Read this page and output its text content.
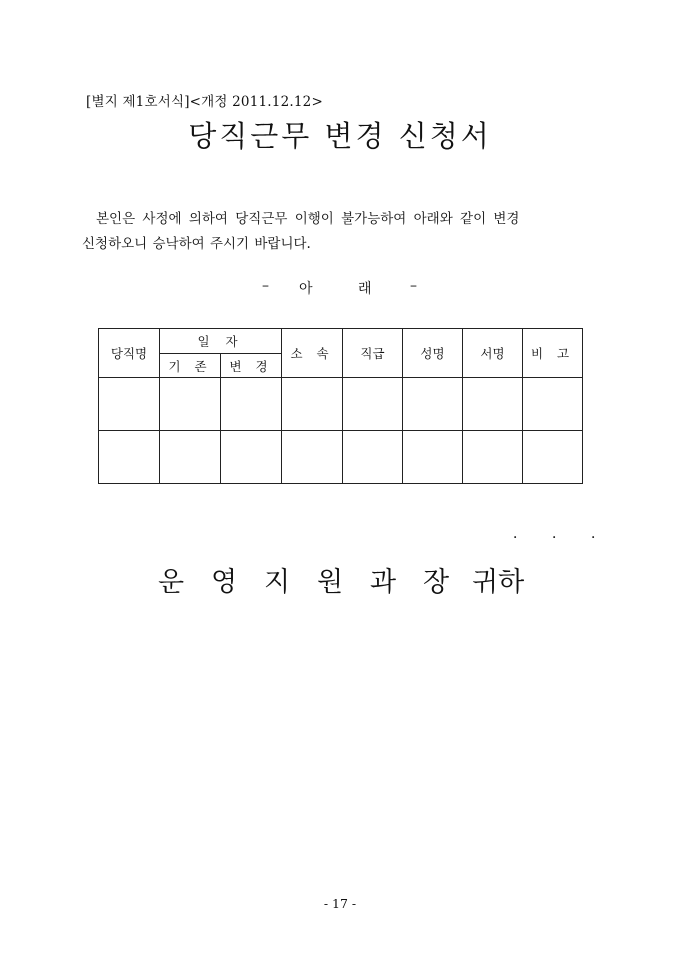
[별지 제1호서식]<개정 2011.12.12>
당직근무 변경 신청서
본인은 사정에 의하여 당직근무 이행이 불가능하여 아래와 같이 변경
신청하오니 승낙하여 주시기 바랍니다.
– 아	래	–
당직명	일 자		소 속	직급	성명	서명	비 고
	기 존	변 경					

． ． ．
운 영 지 원 과 장 귀하
- 17 -
